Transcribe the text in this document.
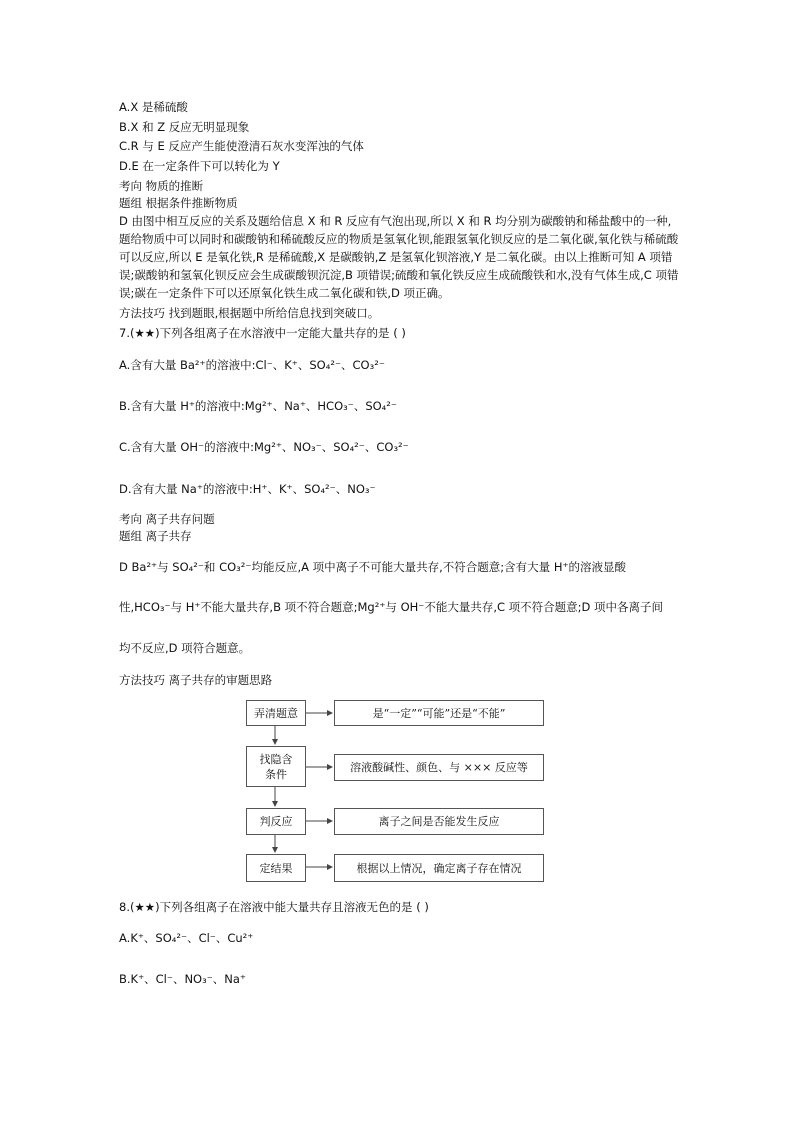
A.X 是稀硫酸
B.X 和 Z 反应无明显现象
C.R 与 E 反应产生能使澄清石灰水变浑浊的气体
D.E 在一定条件下可以转化为 Y
考向 物质的推断
题组 根据条件推断物质
D 由图中相互反应的关系及题给信息 X 和 R 反应有气泡出现,所以 X 和 R 均分别为碳酸钠和稀盐酸中的一种,题给物质中可以同时和碳酸钠和稀硫酸反应的物质是氢氧化钡,能跟氢氧化钡反应的是二氧化碳,氧化铁与稀硫酸可以反应,所以 E 是氧化铁,R 是稀硫酸,X 是碳酸钠,Z 是氢氧化钡溶液,Y 是二氧化碳。由以上推断可知 A 项错误;碳酸钠和氢氧化钡反应会生成碳酸钡沉淀,B 项错误;硫酸和氧化铁反应生成硫酸铁和水,没有气体生成,C 项错误;碳在一定条件下可以还原氧化铁生成二氧化碳和铁,D 项正确。
方法技巧 找到题眼,根据题中所给信息找到突破口。
7.(★★)下列各组离子在水溶液中一定能大量共存的是 ( )
A.含有大量 Ba²⁺的溶液中:Cl⁻、K⁺、SO₄²⁻、CO₃²⁻
B.含有大量 H⁺的溶液中:Mg²⁺、Na⁺、HCO₃⁻、SO₄²⁻
C.含有大量 OH⁻的溶液中:Mg²⁺、NO₃⁻、SO₄²⁻、CO₃²⁻
D.含有大量 Na⁺的溶液中:H⁺、K⁺、SO₄²⁻、NO₃⁻
考向 离子共存问题
题组 离子共存
D Ba²⁺与 SO₄²⁻和 CO₃²⁻均能反应,A 项中离子不可能大量共存,不符合题意;含有大量 H⁺的溶液显酸
性,HCO₃⁻与 H⁺不能大量共存,B 项不符合题意;Mg²⁺与 OH⁻不能大量共存,C 项不符合题意;D 项中各离子间
均不反应,D 项符合题意。
方法技巧 离子共存的审题思路
弄清题意
找隐含条件
判反应
定结果
是“一定”“可能”还是“不能”
溶液酸碱性、颜色、与 ××× 反应等
离子之间是否能发生反应
根据以上情况，确定离子存在情况
8.(★★)下列各组离子在溶液中能大量共存且溶液无色的是 ( )
A.K⁺、SO₄²⁻、Cl⁻、Cu²⁺
B.K⁺、Cl⁻、NO₃⁻、Na⁺
